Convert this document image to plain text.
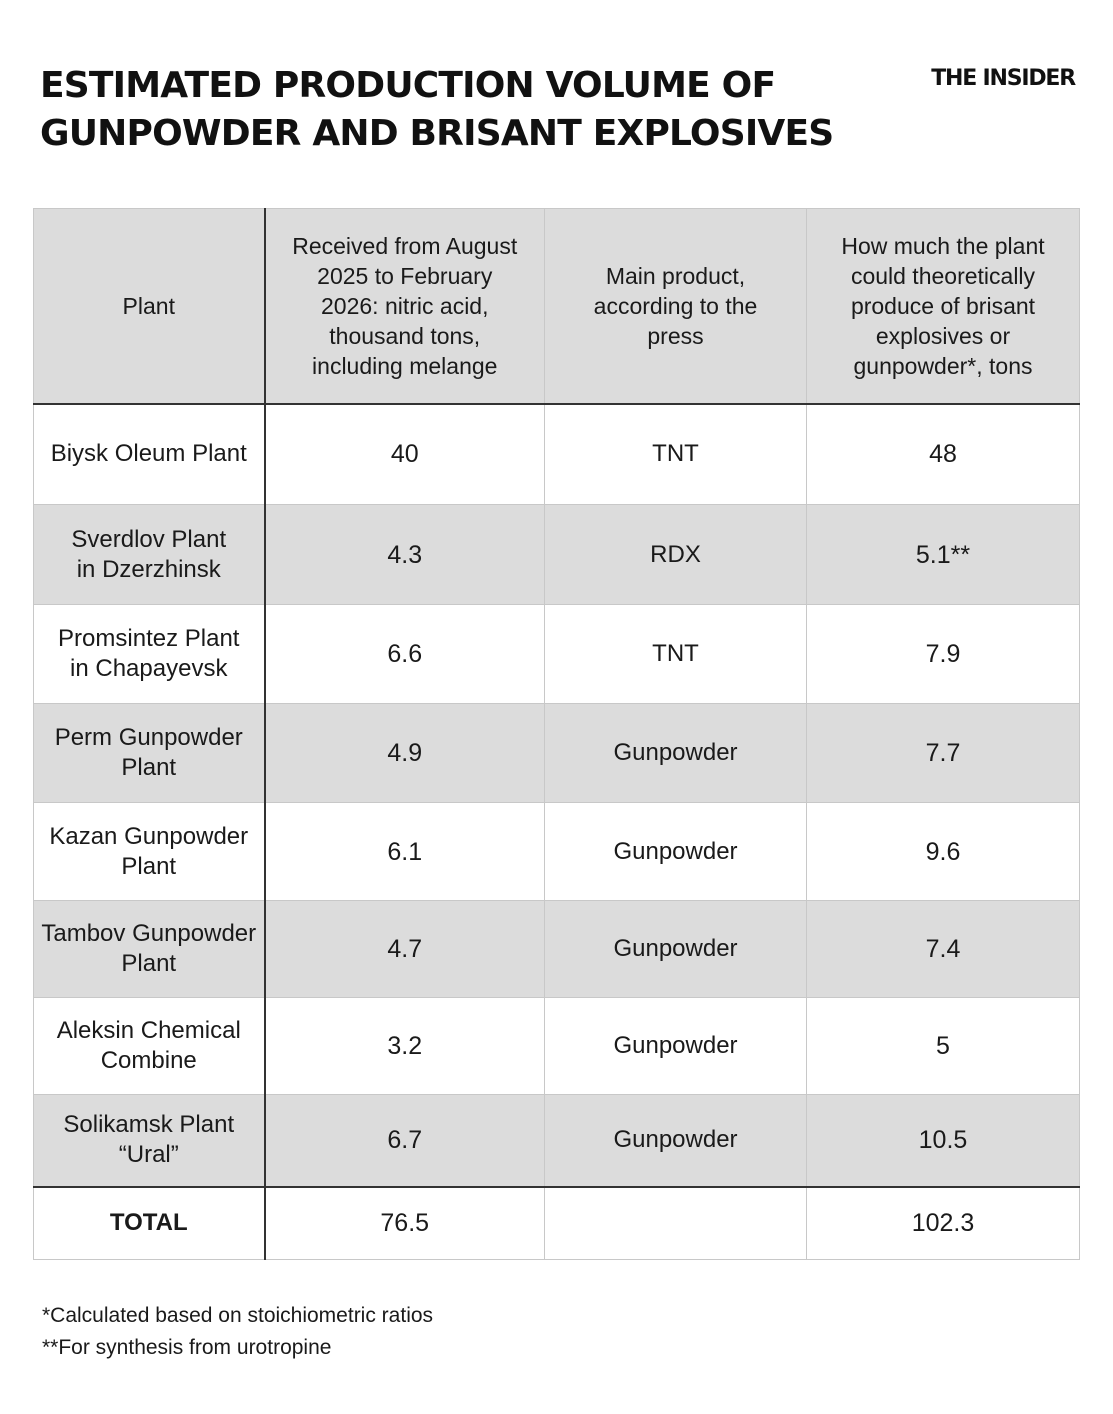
ESTIMATED PRODUCTION VOLUME OF
GUNPOWDER AND BRISANT EXPLOSIVES
THE INSIDER
Plant	Received from August 2025 to February 2026: nitric acid, thousand tons, including melange	Main product, according to the press	How much the plant could theoretically produce of brisant explosives or gunpowder*, tons
Biysk Oleum Plant	40	TNT	48
Sverdlov Plant in Dzerzhinsk	4.3	RDX	5.1**
Promsintez Plant in Chapayevsk	6.6	TNT	7.9
Perm Gunpowder Plant	4.9	Gunpowder	7.7
Kazan Gunpowder Plant	6.1	Gunpowder	9.6
Tambov Gunpowder Plant	4.7	Gunpowder	7.4
Aleksin Chemical Combine	3.2	Gunpowder	5
Solikamsk Plant “Ural”	6.7	Gunpowder	10.5
TOTAL	76.5		102.3

*Calculated based on stoichiometric ratios

**For synthesis from urotropine
